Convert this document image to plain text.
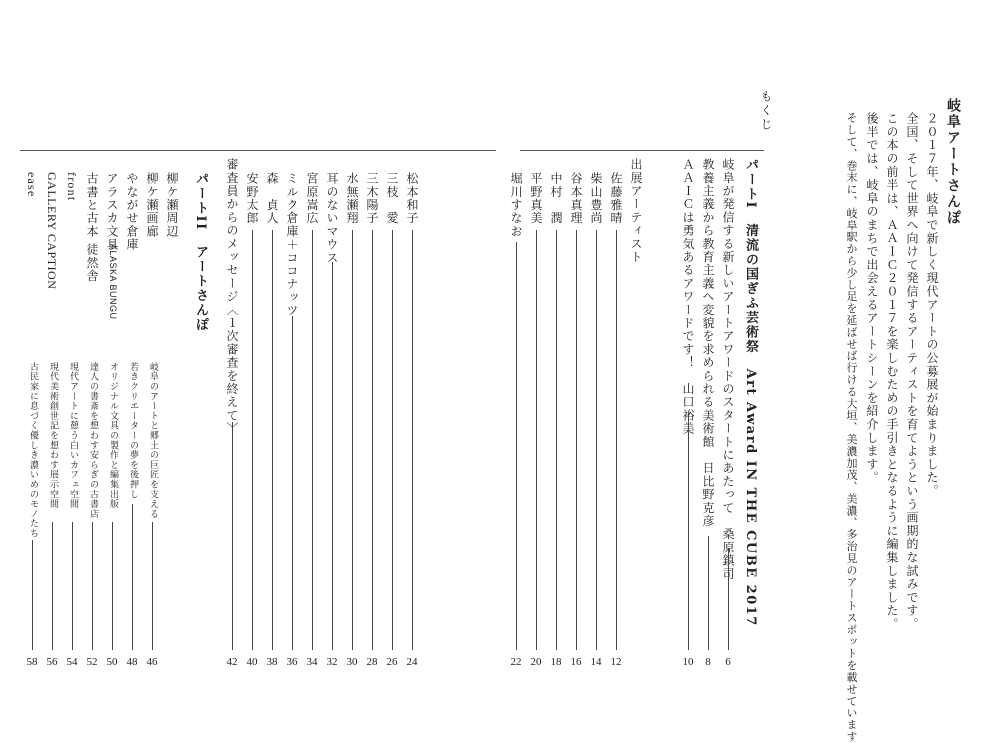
岐阜アートさんぽ
２０１７年、岐阜で新しく現代アートの公募展が始まりました。
全国、そして世界へ向けて発信するアーティストを育てようという画期的な試みです。
この本の前半は、ＡＡＩＣ２０１７を楽しむための手引きとなるように編集しました。
後半では、岐阜のまちで出会えるアートシーンを紹介します。
そして、巻末に、岐阜駅から少し足を延ばせば行ける大垣、美濃加茂、美濃、多治見のアートスポットを載せています
もくじ
パートI　清流の国ぎふ芸術祭　Art Award IN THE CUBE 2017
岐阜が発信する新しいアートアワードのスタートにあたって　桑原鎮司
6
教養主義から教育主義へ変貌を求められる美術館　日比野克彦
8
ＡＡＩＣは勇気あるアワードです！　山口裕美
10
出展アーティスト
佐藤雅晴
12
柴山豊尚
14
谷本真理
16
中村　潤
18
平野真美
20
堀川すなお
22
松本和子
24
三枝　愛
26
三木陽子
28
水無瀬翔
30
耳のないマウス
32
宮原嵩広
34
ミルク倉庫＋ココナッツ
36
森　貞人
38
安野太郎
40
審査員からのメッセージ〈１次審査を終えて〉
42
パートII　アートさんぽ
柳ケ瀬周辺
柳ケ瀬画廊
岐阜のアートと郷土の巨匠を支える
46
やながせ倉庫
若きクリエーターの夢を後押し
48
アラスカ文具
ALASKA BUNGU
オリジナル文具の製作と編集出版
50
古書と古本 徒然舎
達人の書斎を想わす安らぎの古書店
52
front
現代アートに憩う白いカフェ空間
54
GALLERY CAPTION
現代美術創世記を想わす展示空間
56
ease
古民家に息づく優しき濃いめのモノたち
58
